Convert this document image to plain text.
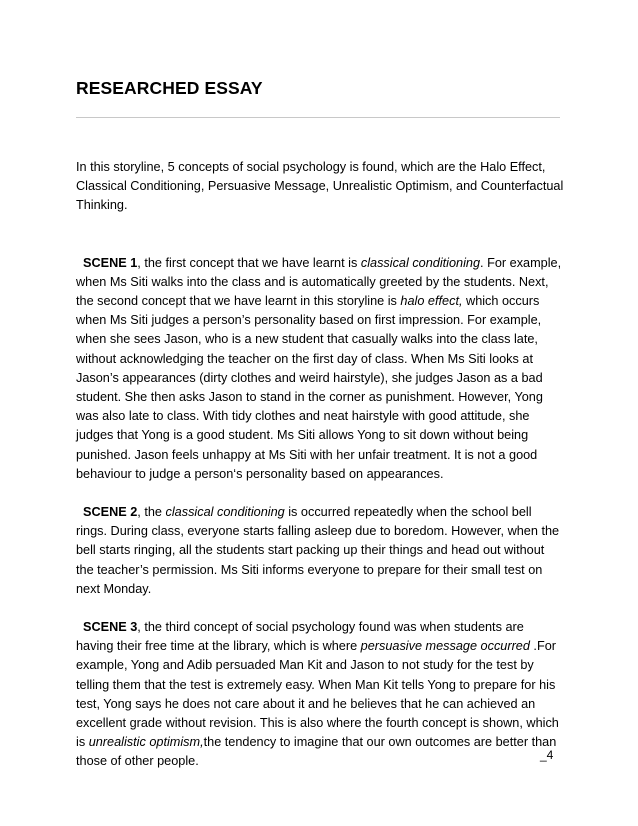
RESEARCHED ESSAY

In this storyline, 5 concepts of social psychology is found, which are the Halo Effect, Classical Conditioning, Persuasive Message, Unrealistic Optimism, and Counterfactual Thinking.

SCENE 1, the first concept that we have learnt is classical conditioning. For example, when Ms Siti walks into the class and is automatically greeted by the students. Next, the second concept that we have learnt in this storyline is halo effect, which occurs when Ms Siti judges a person’s personality based on first impression. For example, when she sees Jason, who is a new student that casually walks into the class late, without acknowledging the teacher on the first day of class. When Ms Siti looks at Jason’s appearances (dirty clothes and weird hairstyle), she judges Jason as a bad student. She then asks Jason to stand in the corner as punishment. However, Yong was also late to class. With tidy clothes and neat hairstyle with good attitude, she judges that Yong is a good student. Ms Siti allows Yong to sit down without being punished. Jason feels unhappy at Ms Siti with her unfair treatment. It is not a good behaviour to judge a person‘s personality based on appearances.

SCENE 2, the classical conditioning is occurred repeatedly when the school bell rings. During class, everyone starts falling asleep due to boredom. However, when the bell starts ringing, all the students start packing up their things and head out without the teacher’s permission. Ms Siti informs everyone to prepare for their small test on next Monday.

SCENE 3, the third concept of social psychology found was when students are having their free time at the library, which is where persuasive message occurred .For example, Yong and Adib persuaded Man Kit and Jason to not study for the test by telling them that the test is extremely easy. When Man Kit tells Yong to prepare for his test, Yong says he does not care about it and he believes that he can achieved an excellent grade without revision. This is also where the fourth concept is shown, which is unrealistic optimism,the tendency to imagine that our own outcomes are better than those of other people.	_4
